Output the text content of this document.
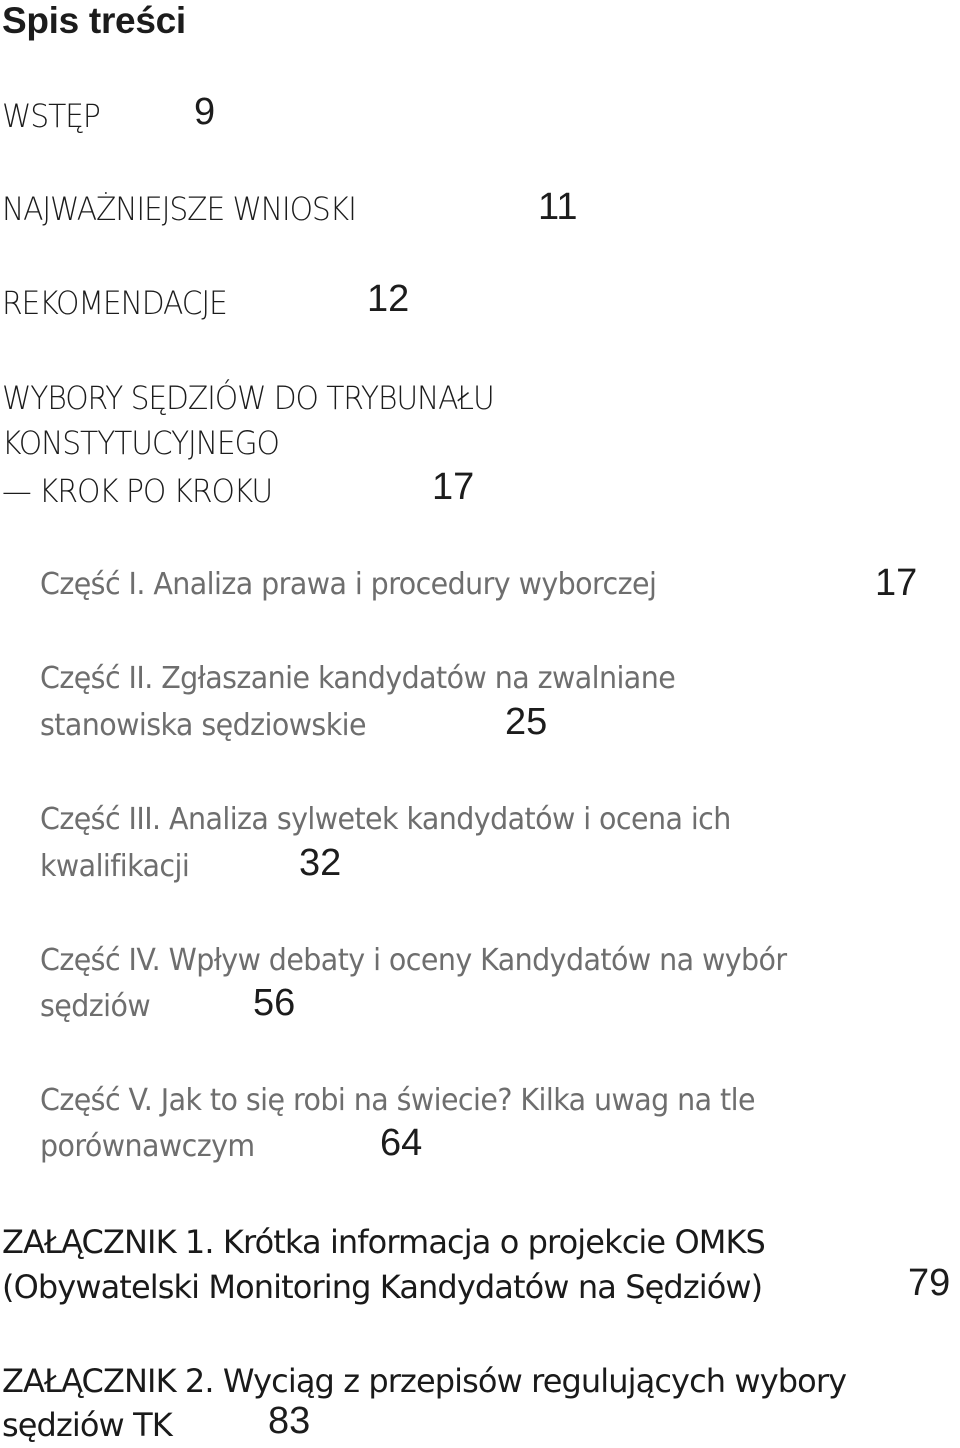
Spis treści
WSTĘP 9
NAJWAŻNIEJSZE WNIOSKI	11
REKOMENDACJE	12
WYBORY SĘDZIÓW DO TRYBUNAŁU
KONSTYTUCYJNEGO
— KROK PO KROKU	17
Część I. Analiza prawa i procedury wyborczej	17
Część II. Zgłaszanie kandydatów na zwalniane
stanowiska sędziowskie	25
Część III. Analiza sylwetek kandydatów i ocena ich
kwalifikacji	32
Część IV. Wpływ debaty i oceny Kandydatów na wybór
sędziów	56
Część V. Jak to się robi na świecie? Kilka uwag na tle
porównawczym	64
ZAŁĄCZNIK 1. Krótka informacja o projekcie OMKS
(Obywatelski Monitoring Kandydatów na Sędziów)	79
ZAŁĄCZNIK 2. Wyciąg z przepisów regulujących wybory
sędziów TK	83
